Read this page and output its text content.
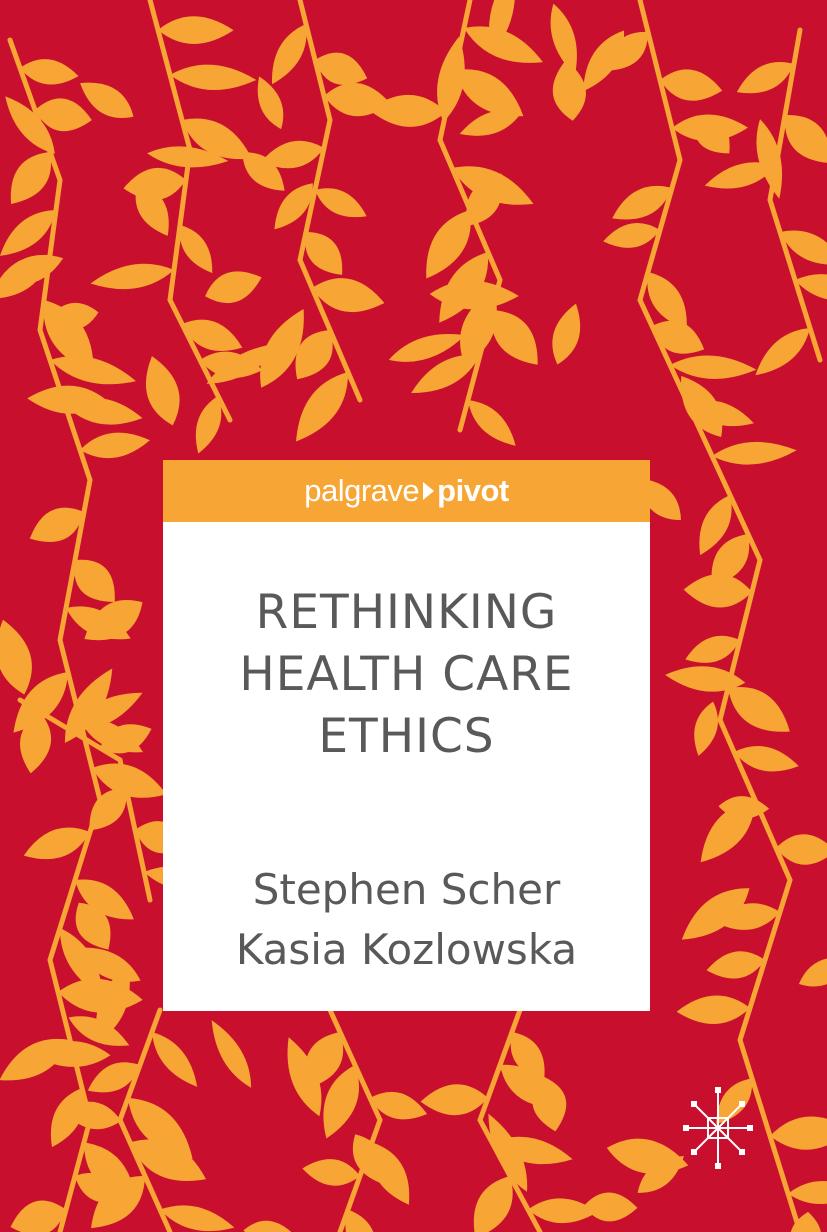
palgrave pivot
RETHINKING
HEALTH CARE
ETHICS
Stephen Scher
Kasia Kozlowska
